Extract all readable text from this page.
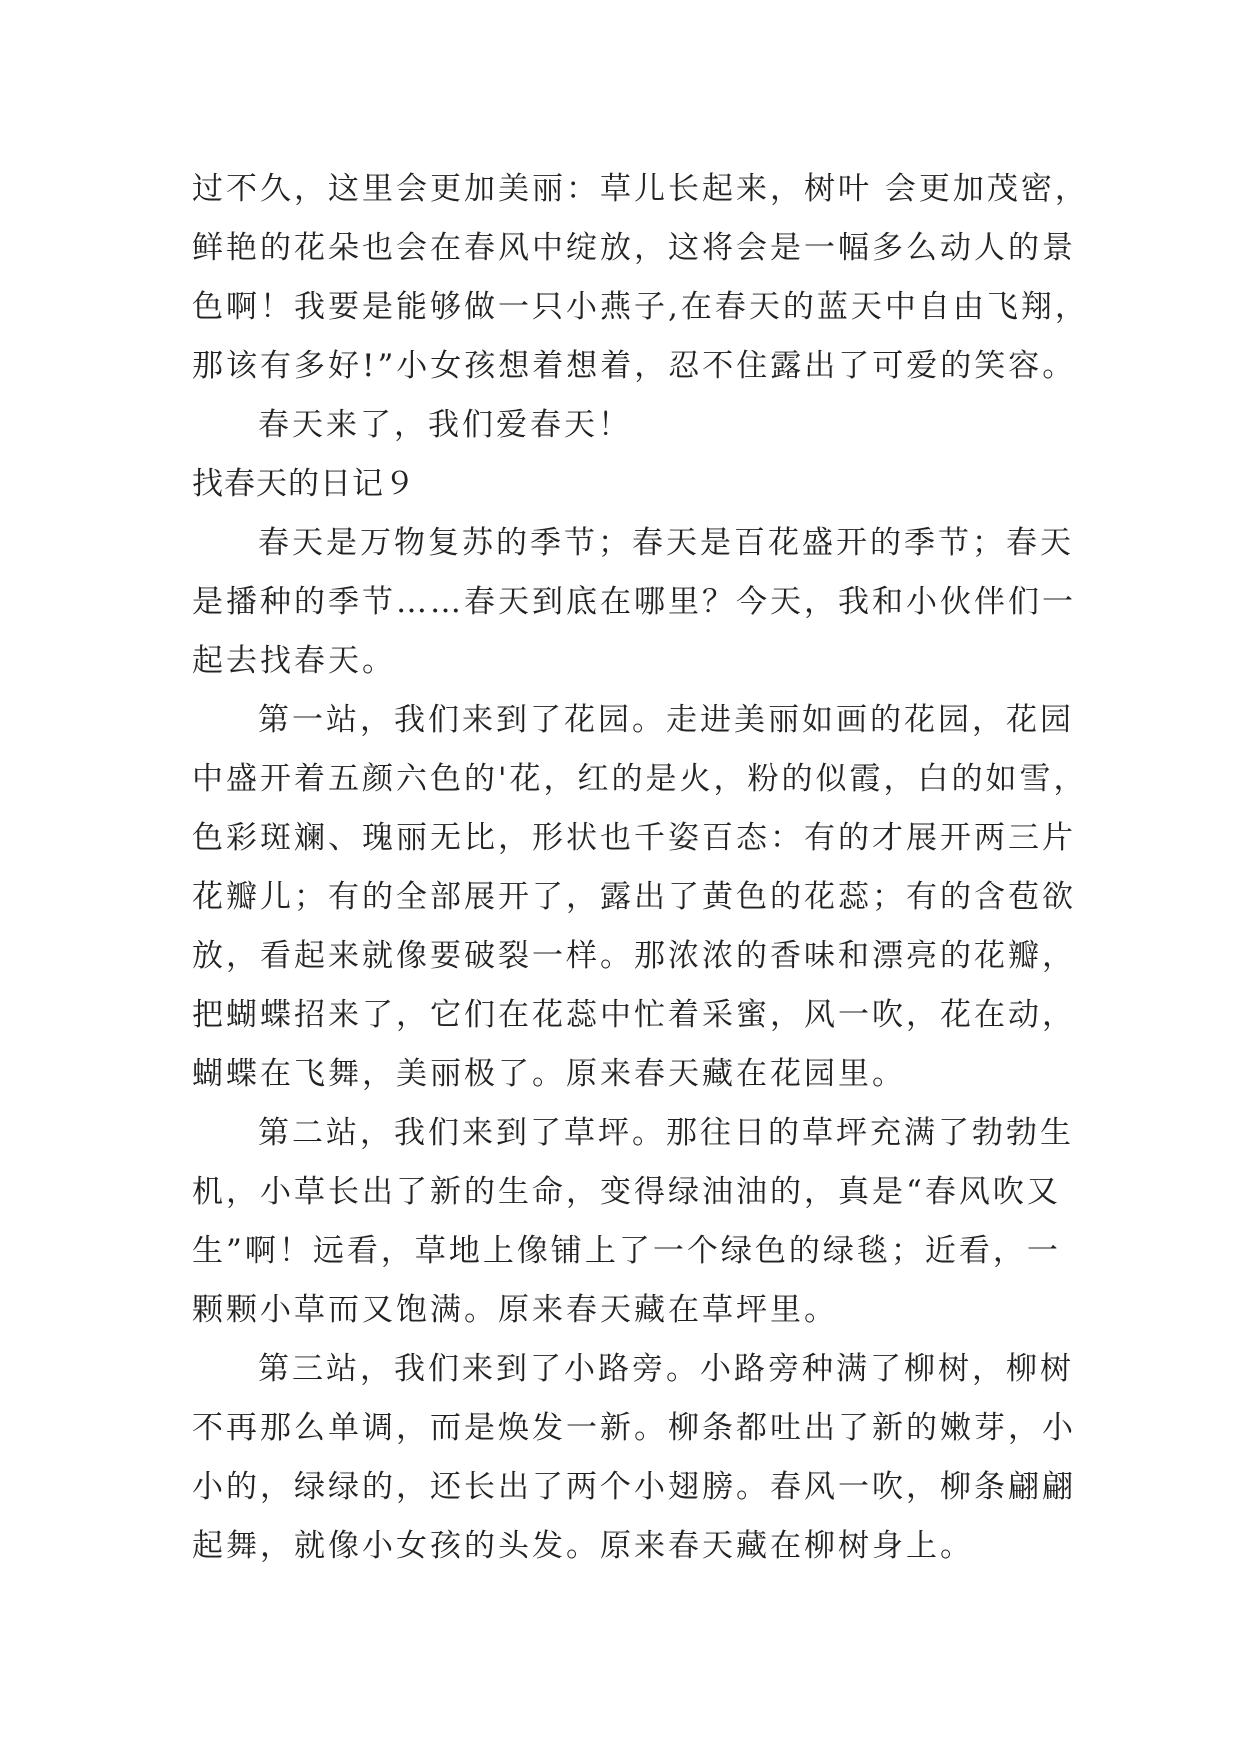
过不久，这里会更加美丽：草儿长起来，树叶 会更加茂密，
鲜艳的花朵也会在春风中绽放，这将会是一幅多么动人的景
色啊！我要是能够做一只小燕子,在春天的蓝天中自由飞翔，
那该有多好!”小女孩想着想着，忍不住露出了可爱的笑容。
春天来了，我们爱春天！
找春天的日记９
春天是万物复苏的季节；春天是百花盛开的季节；春天
是播种的季节……春天到底在哪里？今天，我和小伙伴们一
起去找春天。
第一站，我们来到了花园。走进美丽如画的花园，花园
中盛开着五颜六色的'花，红的是火，粉的似霞，白的如雪，
色彩斑斓、瑰丽无比，形状也千姿百态：有的才展开两三片
花瓣儿；有的全部展开了，露出了黄色的花蕊；有的含苞欲
放，看起来就像要破裂一样。那浓浓的香味和漂亮的花瓣，
把蝴蝶招来了，它们在花蕊中忙着采蜜，风一吹，花在动，
蝴蝶在飞舞，美丽极了。原来春天藏在花园里。
第二站，我们来到了草坪。那往日的草坪充满了勃勃生
机，小草长出了新的生命，变得绿油油的，真是“春风吹又
生”啊！远看，草地上像铺上了一个绿色的绿毯；近看，一
颗颗小草而又饱满。原来春天藏在草坪里。
第三站，我们来到了小路旁。小路旁种满了柳树，柳树
不再那么单调，而是焕发一新。柳条都吐出了新的嫩芽，小
小的，绿绿的，还长出了两个小翅膀。春风一吹，柳条翩翩
起舞，就像小女孩的头发。原来春天藏在柳树身上。
